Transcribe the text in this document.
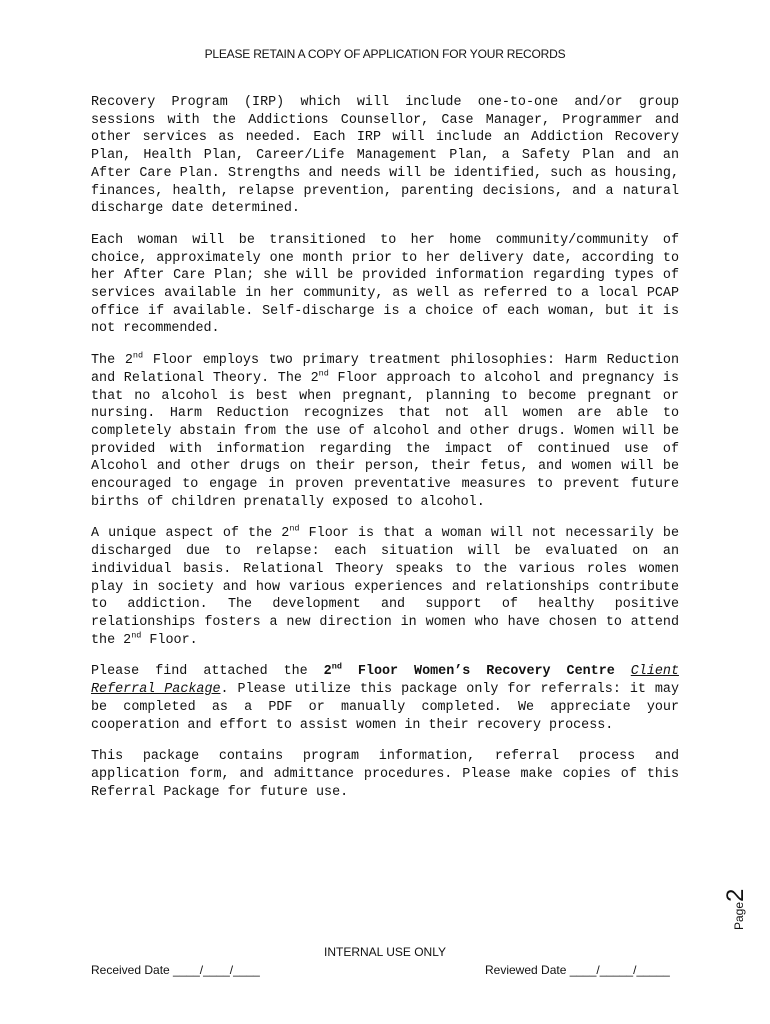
PLEASE RETAIN A COPY OF APPLICATION FOR YOUR RECORDS

Recovery Program (IRP) which will include one-to-one and/or group sessions with the Addictions Counsellor, Case Manager, Programmer and other services as needed. Each IRP will include an Addiction Recovery Plan, Health Plan, Career/Life Management Plan, a Safety Plan and an After Care Plan. Strengths and needs will be identified, such as housing, finances, health, relapse prevention, parenting decisions, and a natural discharge date determined.

Each woman will be transitioned to her home community/community of choice, approximately one month prior to her delivery date, according to her After Care Plan; she will be provided information regarding types of services available in her community, as well as referred to a local PCAP office if available. Self-discharge is a choice of each woman, but it is not recommended.

The 2nd Floor employs two primary treatment philosophies: Harm Reduction and Relational Theory. The 2nd Floor approach to alcohol and pregnancy is that no alcohol is best when pregnant, planning to become pregnant or nursing. Harm Reduction recognizes that not all women are able to completely abstain from the use of alcohol and other drugs. Women will be provided with information regarding the impact of continued use of Alcohol and other drugs on their person, their fetus, and women will be encouraged to engage in proven preventative measures to prevent future births of children prenatally exposed to alcohol.

A unique aspect of the 2nd Floor is that a woman will not necessarily be discharged due to relapse: each situation will be evaluated on an individual basis. Relational Theory speaks to the various roles women play in society and how various experiences and relationships contribute to addiction. The development and support of healthy positive relationships fosters a new direction in women who have chosen to attend the 2nd Floor.

Please find attached the 2nd Floor Women’s Recovery Centre Client Referral Package. Please utilize this package only for referrals: it may be completed as a PDF or manually completed. We appreciate your cooperation and effort to assist women in their recovery process.

This package contains program information, referral process and application form, and admittance procedures. Please make copies of this Referral Package for future use.

Page2
INTERNAL USE ONLY
Received Date ____/____/____	Reviewed Date ____/_____/_____
